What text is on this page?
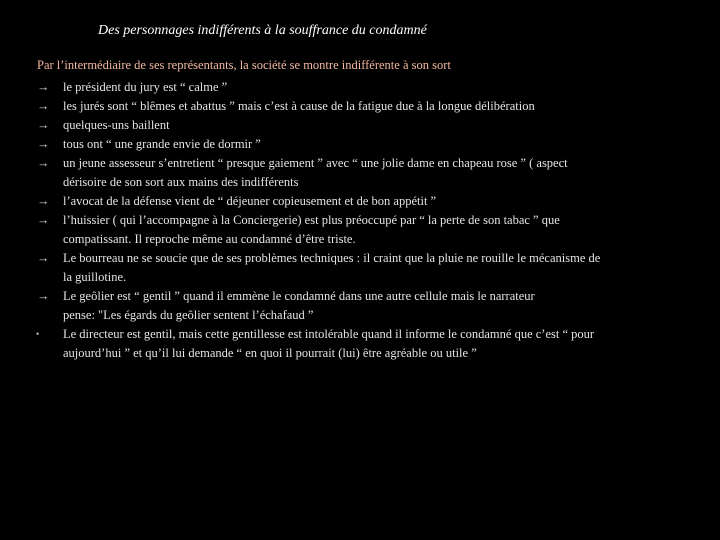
Des personnages indifférents à la souffrance du condamné
Par l’intermédiaire de ses représentants, la société se montre indifférente à son sort
→	le président du jury est “ calme ”
→	les jurés sont “ blêmes et abattus ” mais c’est à cause de la fatigue due à la longue délibération
→	quelques-uns baillent
→	tous ont “ une grande envie de dormir ”
→	un jeune assesseur s’entretient “ presque gaiement ” avec “ une jolie dame en chapeau rose ” ( aspect
dérisoire de son sort aux mains des indifférents
→	l’avocat de la défense vient de “ déjeuner copieusement et de bon appétit ”
→	l’huissier ( qui l’accompagne à la Conciergerie) est plus préoccupé par “ la perte de son tabac ” que
compatissant. Il reproche même au condamné d’être triste.
→	Le bourreau ne se soucie que de ses problèmes techniques : il craint que la pluie ne rouille le mécanisme de
la guillotine.
→	Le geôlier est “ gentil ” quand il emmène le condamné dans une autre cellule mais le narrateur
pense: "Les égards du geôlier sentent l’échafaud ”
•	Le directeur est gentil, mais cette gentillesse est intolérable quand il informe le condamné que c’est “ pour
aujourd’hui ” et qu’il lui demande “ en quoi il pourrait (lui) être agréable ou utile ”
